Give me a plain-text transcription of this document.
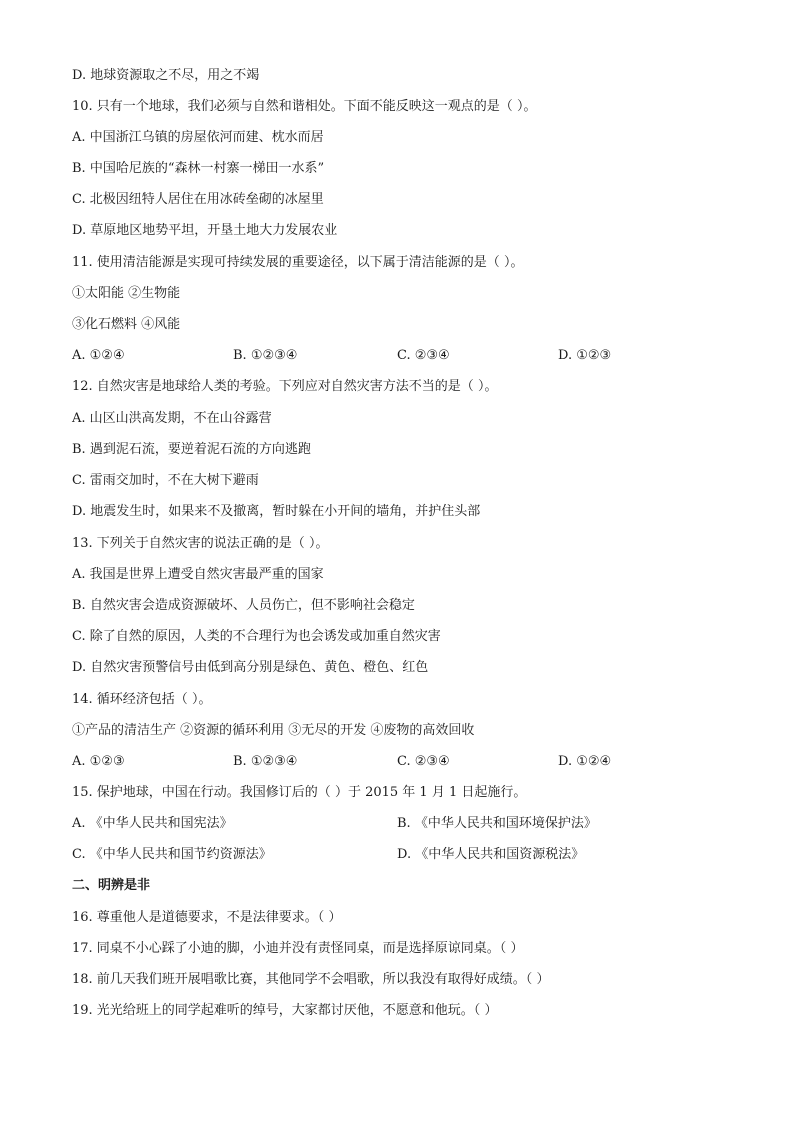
D. 地球资源取之不尽，用之不竭
10. 只有一个地球，我们必须与自然和谐相处。下面不能反映这一观点的是（ ）。
A. 中国浙江乌镇的房屋依河而建、枕水而居
B. 中国哈尼族的“森林一村寨一梯田一水系”
C. 北极因纽特人居住在用冰砖垒砌的冰屋里
D. 草原地区地势平坦，开垦土地大力发展农业
11. 使用清洁能源是实现可持续发展的重要途径，以下属于清洁能源的是（ ）。
①太阳能 ②生物能
③化石燃料 ④风能
A. ①②④	B. ①②③④	C. ②③④	D. ①②③
12. 自然灾害是地球给人类的考验。下列应对自然灾害方法不当的是（ ）。
A. 山区山洪高发期，不在山谷露营
B. 遇到泥石流，要逆着泥石流的方向逃跑
C. 雷雨交加时，不在大树下避雨
D. 地震发生时，如果来不及撤离，暂时躲在小开间的墙角，并护住头部
13. 下列关于自然灾害的说法正确的是（ ）。
A. 我国是世界上遭受自然灾害最严重的国家
B. 自然灾害会造成资源破坏、人员伤亡，但不影响社会稳定
C. 除了自然的原因，人类的不合理行为也会诱发或加重自然灾害
D. 自然灾害预警信号由低到高分别是绿色、黄色、橙色、红色
14. 循环经济包括（ ）。
①产品的清洁生产 ②资源的循环利用 ③无尽的开发 ④废物的高效回收
A. ①②③	B. ①②③④	C. ②③④	D. ①②④
15. 保护地球，中国在行动。我国修订后的（ ）于 2015 年 1 月 1 日起施行。
A. 《中华人民共和国宪法》	B. 《中华人民共和国环境保护法》
C. 《中华人民共和国节约资源法》	D. 《中华人民共和国资源税法》
二、明辨是非
16. 尊重他人是道德要求，不是法律要求。（ ）
17. 同桌不小心踩了小迪的脚，小迪并没有责怪同桌，而是选择原谅同桌。（ ）
18. 前几天我们班开展唱歌比赛，其他同学不会唱歌，所以我没有取得好成绩。（ ）
19. 光光给班上的同学起难听的绰号，大家都讨厌他，不愿意和他玩。（ ）
